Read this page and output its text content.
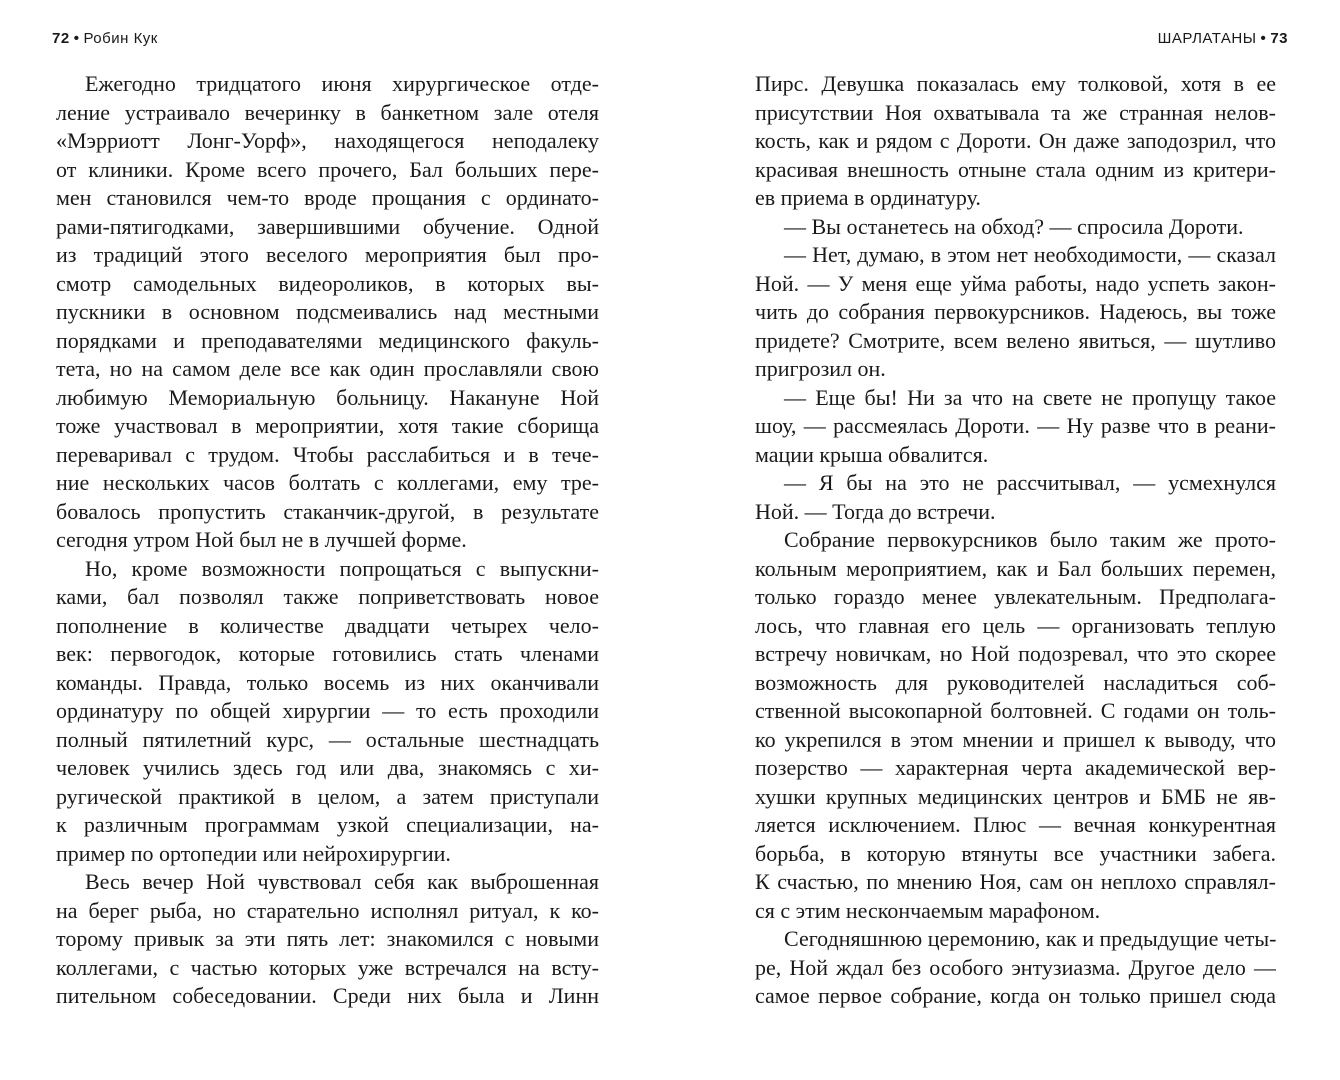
72 • Робин Кук
Ежегодно тридцатого июня хирургическое отде-
ление устраивало вечеринку в банкетном зале отеля
«Мэрриотт Лонг-Уорф», находящегося неподалеку
от клиники. Кроме всего прочего, Бал больших пере-
мен становился чем-то вроде прощания с ординато-
рами-пятигодками, завершившими обучение. Одной
из традиций этого веселого мероприятия был про-
смотр самодельных видеороликов, в которых вы-
пускники в основном подсмеивались над местными
порядками и преподавателями медицинского факуль-
тета, но на самом деле все как один прославляли свою
любимую Мемориальную больницу. Накануне Ной
тоже участвовал в мероприятии, хотя такие сборища
переваривал с трудом. Чтобы расслабиться и в тече-
ние нескольких часов болтать с коллегами, ему тре-
бовалось пропустить стаканчик-другой, в результате
сегодня утром Ной был не в лучшей форме.
Но, кроме возможности попрощаться с выпускни-
ками, бал позволял также поприветствовать новое
пополнение в количестве двадцати четырех чело-
век: первогодок, которые готовились стать членами
команды. Правда, только восемь из них оканчивали
ординатуру по общей хирургии — то есть проходили
полный пятилетний курс, — остальные шестнадцать
человек учились здесь год или два, знакомясь с хи-
ругической практикой в целом, а затем приступали
к различным программам узкой специализации, на-
пример по ортопедии или нейрохирургии.
Весь вечер Ной чувствовал себя как выброшенная
на берег рыба, но старательно исполнял ритуал, к ко-
торому привык за эти пять лет: знакомился с новыми
коллегами, с частью которых уже встречался на всту-
пительном собеседовании. Среди них была и Линн
ШАРЛАТАНЫ • 73
Пирс. Девушка показалась ему толковой, хотя в ее
присутствии Ноя охватывала та же странная нелов-
кость, как и рядом с Дороти. Он даже заподозрил, что
красивая внешность отныне стала одним из критери-
ев приема в ординатуру.
— Вы останетесь на обход? — спросила Дороти.
— Нет, думаю, в этом нет необходимости, — сказал
Ной. — У меня еще уйма работы, надо успеть закон-
чить до собрания первокурсников. Надеюсь, вы тоже
придете? Смотрите, всем велено явиться, — шутливо
пригрозил он.
— Еще бы! Ни за что на свете не пропущу такое
шоу, — рассмеялась Дороти. — Ну разве что в реани-
мации крыша обвалится.
— Я бы на это не рассчитывал, — усмехнулся
Ной. — Тогда до встречи.
Собрание первокурсников было таким же прото-
кольным мероприятием, как и Бал больших перемен,
только гораздо менее увлекательным. Предполага-
лось, что главная его цель — организовать теплую
встречу новичкам, но Ной подозревал, что это скорее
возможность для руководителей насладиться соб-
ственной высокопарной болтовней. С годами он толь-
ко укрепился в этом мнении и пришел к выводу, что
позерство — характерная черта академической вер-
хушки крупных медицинских центров и БМБ не яв-
ляется исключением. Плюс — вечная конкурентная
борьба, в которую втянуты все участники забега.
К счастью, по мнению Ноя, сам он неплохо справлял-
ся с этим нескончаемым марафоном.
Сегодняшнюю церемонию, как и предыдущие четы-
ре, Ной ждал без особого энтузиазма. Другое дело —
самое первое собрание, когда он только пришел сюда
